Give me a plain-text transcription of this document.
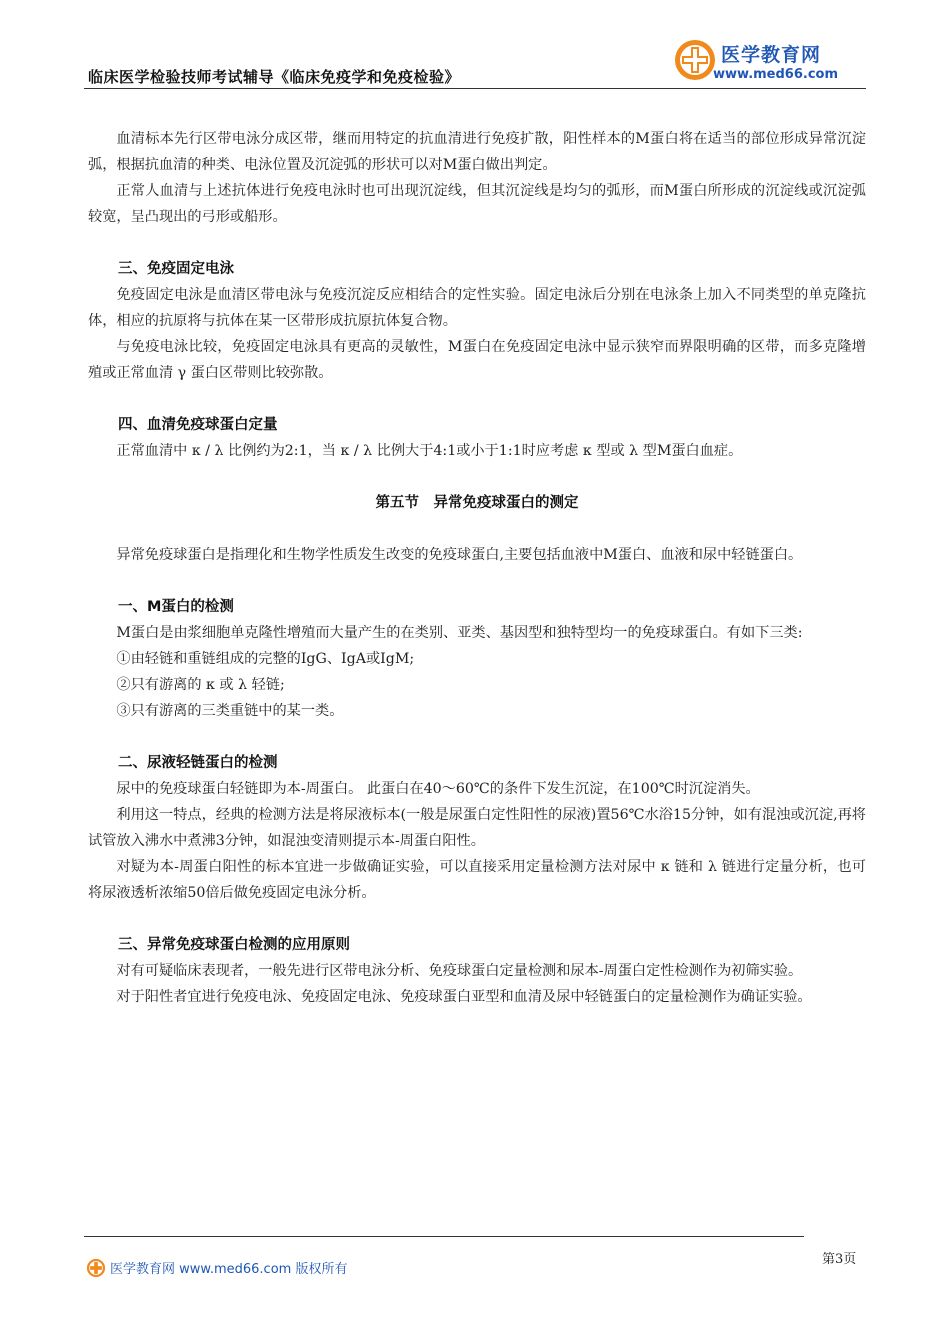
临床医学检验技师考试辅导《临床免疫学和免疫检验》
医学教育网
www.med66.com

血清标本先行区带电泳分成区带，继而用特定的抗血清进行免疫扩散，阳性样本的M蛋白将在适当的部位形成异常沉淀弧，根据抗血清的种类、电泳位置及沉淀弧的形状可以对M蛋白做出判定。

正常人血清与上述抗体进行免疫电泳时也可出现沉淀线，但其沉淀线是均匀的弧形，而M蛋白所形成的沉淀线或沉淀弧较宽，呈凸现出的弓形或船形。

三、免疫固定电泳

免疫固定电泳是血清区带电泳与免疫沉淀反应相结合的定性实验。固定电泳后分别在电泳条上加入不同类型的单克隆抗体，相应的抗原将与抗体在某一区带形成抗原抗体复合物。

与免疫电泳比较，免疫固定电泳具有更高的灵敏性，M蛋白在免疫固定电泳中显示狭窄而界限明确的区带，而多克隆增殖或正常血清 γ 蛋白区带则比较弥散。

四、血清免疫球蛋白定量

正常血清中 κ / λ 比例约为2:1，当 κ / λ 比例大于4:1或小于1:1时应考虑 κ 型或 λ 型M蛋白血症。

第五节　异常免疫球蛋白的测定

异常免疫球蛋白是指理化和生物学性质发生改变的免疫球蛋白,主要包括血液中M蛋白、血液和尿中轻链蛋白。

一、M蛋白的检测

M蛋白是由浆细胞单克隆性增殖而大量产生的在类别、亚类、基因型和独特型均一的免疫球蛋白。有如下三类:

①由轻链和重链组成的完整的IgG、IgA或IgM;

②只有游离的 κ 或 λ 轻链;

③只有游离的三类重链中的某一类。

二、尿液轻链蛋白的检测

尿中的免疫球蛋白轻链即为本-周蛋白。 此蛋白在40～60℃的条件下发生沉淀，在100℃时沉淀消失。

利用这一特点，经典的检测方法是将尿液标本(一般是尿蛋白定性阳性的尿液)置56℃水浴15分钟，如有混浊或沉淀,再将试管放入沸水中煮沸3分钟，如混浊变清则提示本-周蛋白阳性。

对疑为本-周蛋白阳性的标本宜进一步做确证实验，可以直接采用定量检测方法对尿中 κ 链和 λ 链进行定量分析，也可将尿液透析浓缩50倍后做免疫固定电泳分析。

三、异常免疫球蛋白检测的应用原则

对有可疑临床表现者，一般先进行区带电泳分析、免疫球蛋白定量检测和尿本-周蛋白定性检测作为初筛实验。

对于阳性者宜进行免疫电泳、免疫固定电泳、免疫球蛋白亚型和血清及尿中轻链蛋白的定量检测作为确证实验。

医学教育网 www.med66.com 版权所有
第3页
